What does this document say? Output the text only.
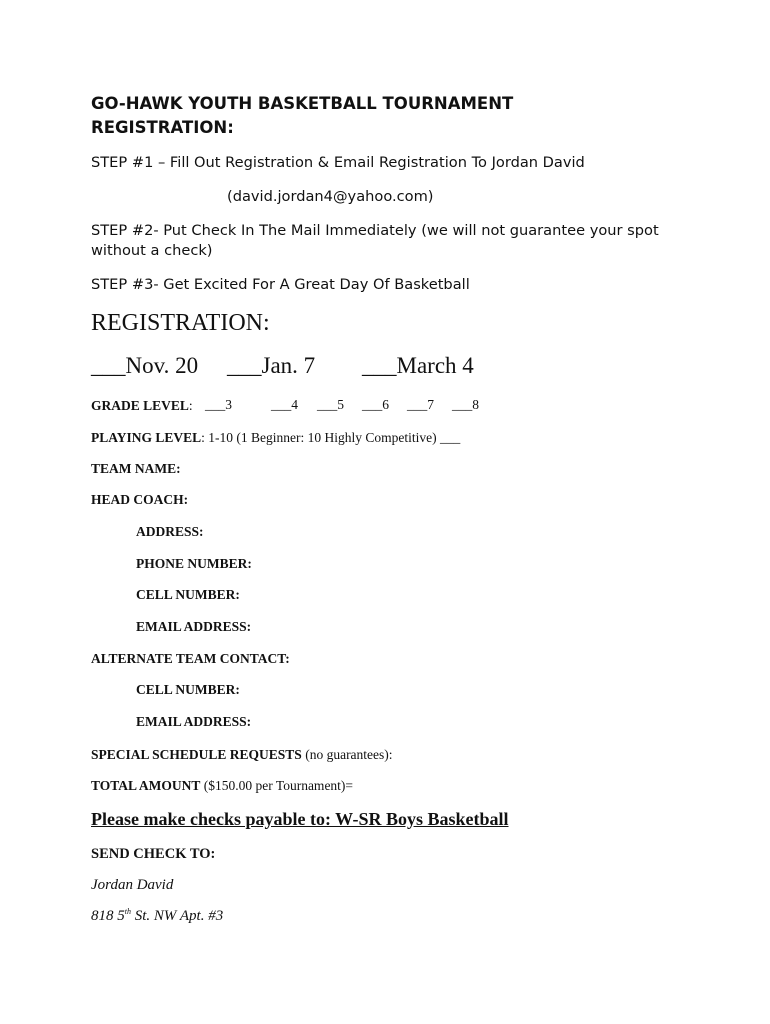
GO-HAWK YOUTH BASKETBALL TOURNAMENT REGISTRATION:
STEP #1 – Fill Out Registration & Email Registration To Jordan David
(david.jordan4@yahoo.com)
STEP #2- Put Check In The Mail Immediately (we will not guarantee your spot without a check)
STEP #3- Get Excited For A Great Day Of Basketball
REGISTRATION:
___Nov. 20 ___Jan. 7 ___March 4
GRADE LEVEL: ___3	___4 ___5 ___6 ___7 ___8
PLAYING LEVEL: 1-10 (1 Beginner: 10 Highly Competitive) ___
TEAM NAME:
HEAD COACH:
ADDRESS:
PHONE NUMBER:
CELL NUMBER:
EMAIL ADDRESS:
ALTERNATE TEAM CONTACT:
CELL NUMBER:
EMAIL ADDRESS:
SPECIAL SCHEDULE REQUESTS (no guarantees):
TOTAL AMOUNT ($150.00 per Tournament)=
Please make checks payable to: W-SR Boys Basketball
SEND CHECK TO:
Jordan David
818 5th St. NW Apt. #3
